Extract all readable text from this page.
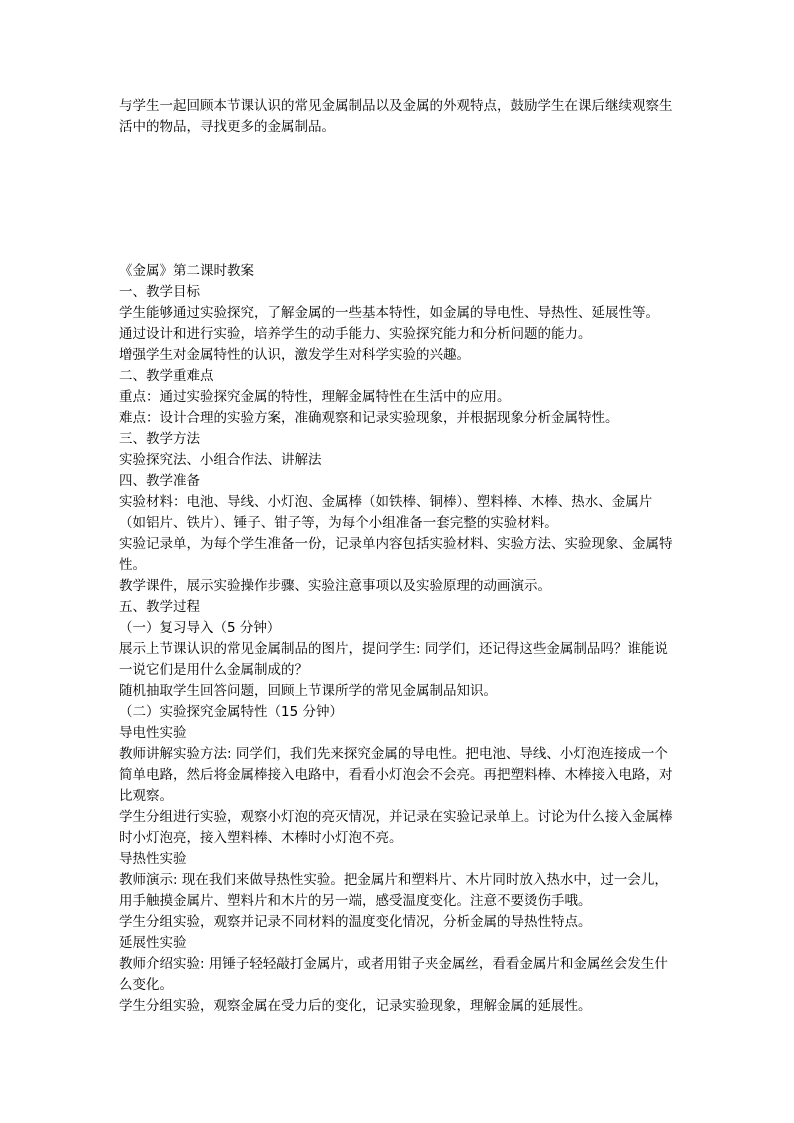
与学生一起回顾本节课认识的常见金属制品以及金属的外观特点，鼓励学生在课后继续观察生活中的物品，寻找更多的金属制品。

《金属》第二课时教案

一、教学目标

学生能够通过实验探究，了解金属的一些基本特性，如金属的导电性、导热性、延展性等。

通过设计和进行实验，培养学生的动手能力、实验探究能力和分析问题的能力。

增强学生对金属特性的认识，激发学生对科学实验的兴趣。

二、教学重难点

重点：通过实验探究金属的特性，理解金属特性在生活中的应用。

难点：设计合理的实验方案，准确观察和记录实验现象，并根据现象分析金属特性。

三、教学方法

实验探究法、小组合作法、讲解法

四、教学准备

实验材料：电池、导线、小灯泡、金属棒（如铁棒、铜棒）、塑料棒、木棒、热水、金属片（如铝片、铁片）、锤子、钳子等，为每个小组准备一套完整的实验材料。

实验记录单，为每个学生准备一份，记录单内容包括实验材料、实验方法、实验现象、金属特性。

教学课件，展示实验操作步骤、实验注意事项以及实验原理的动画演示。

五、教学过程

（一）复习导入（5 分钟）

展示上节课认识的常见金属制品的图片，提问学生: 同学们，还记得这些金属制品吗？谁能说一说它们是用什么金属制成的？

随机抽取学生回答问题，回顾上节课所学的常见金属制品知识。

（二）实验探究金属特性（15 分钟）

导电性实验

教师讲解实验方法: 同学们，我们先来探究金属的导电性。把电池、导线、小灯泡连接成一个简单电路，然后将金属棒接入电路中，看看小灯泡会不会亮。再把塑料棒、木棒接入电路，对比观察。

学生分组进行实验，观察小灯泡的亮灭情况，并记录在实验记录单上。讨论为什么接入金属棒时小灯泡亮，接入塑料棒、木棒时小灯泡不亮。

导热性实验

教师演示: 现在我们来做导热性实验。把金属片和塑料片、木片同时放入热水中，过一会儿，用手触摸金属片、塑料片和木片的另一端，感受温度变化。注意不要烫伤手哦。

学生分组实验，观察并记录不同材料的温度变化情况，分析金属的导热性特点。

延展性实验

教师介绍实验: 用锤子轻轻敲打金属片，或者用钳子夹金属丝，看看金属片和金属丝会发生什么变化。

学生分组实验，观察金属在受力后的变化，记录实验现象，理解金属的延展性。
